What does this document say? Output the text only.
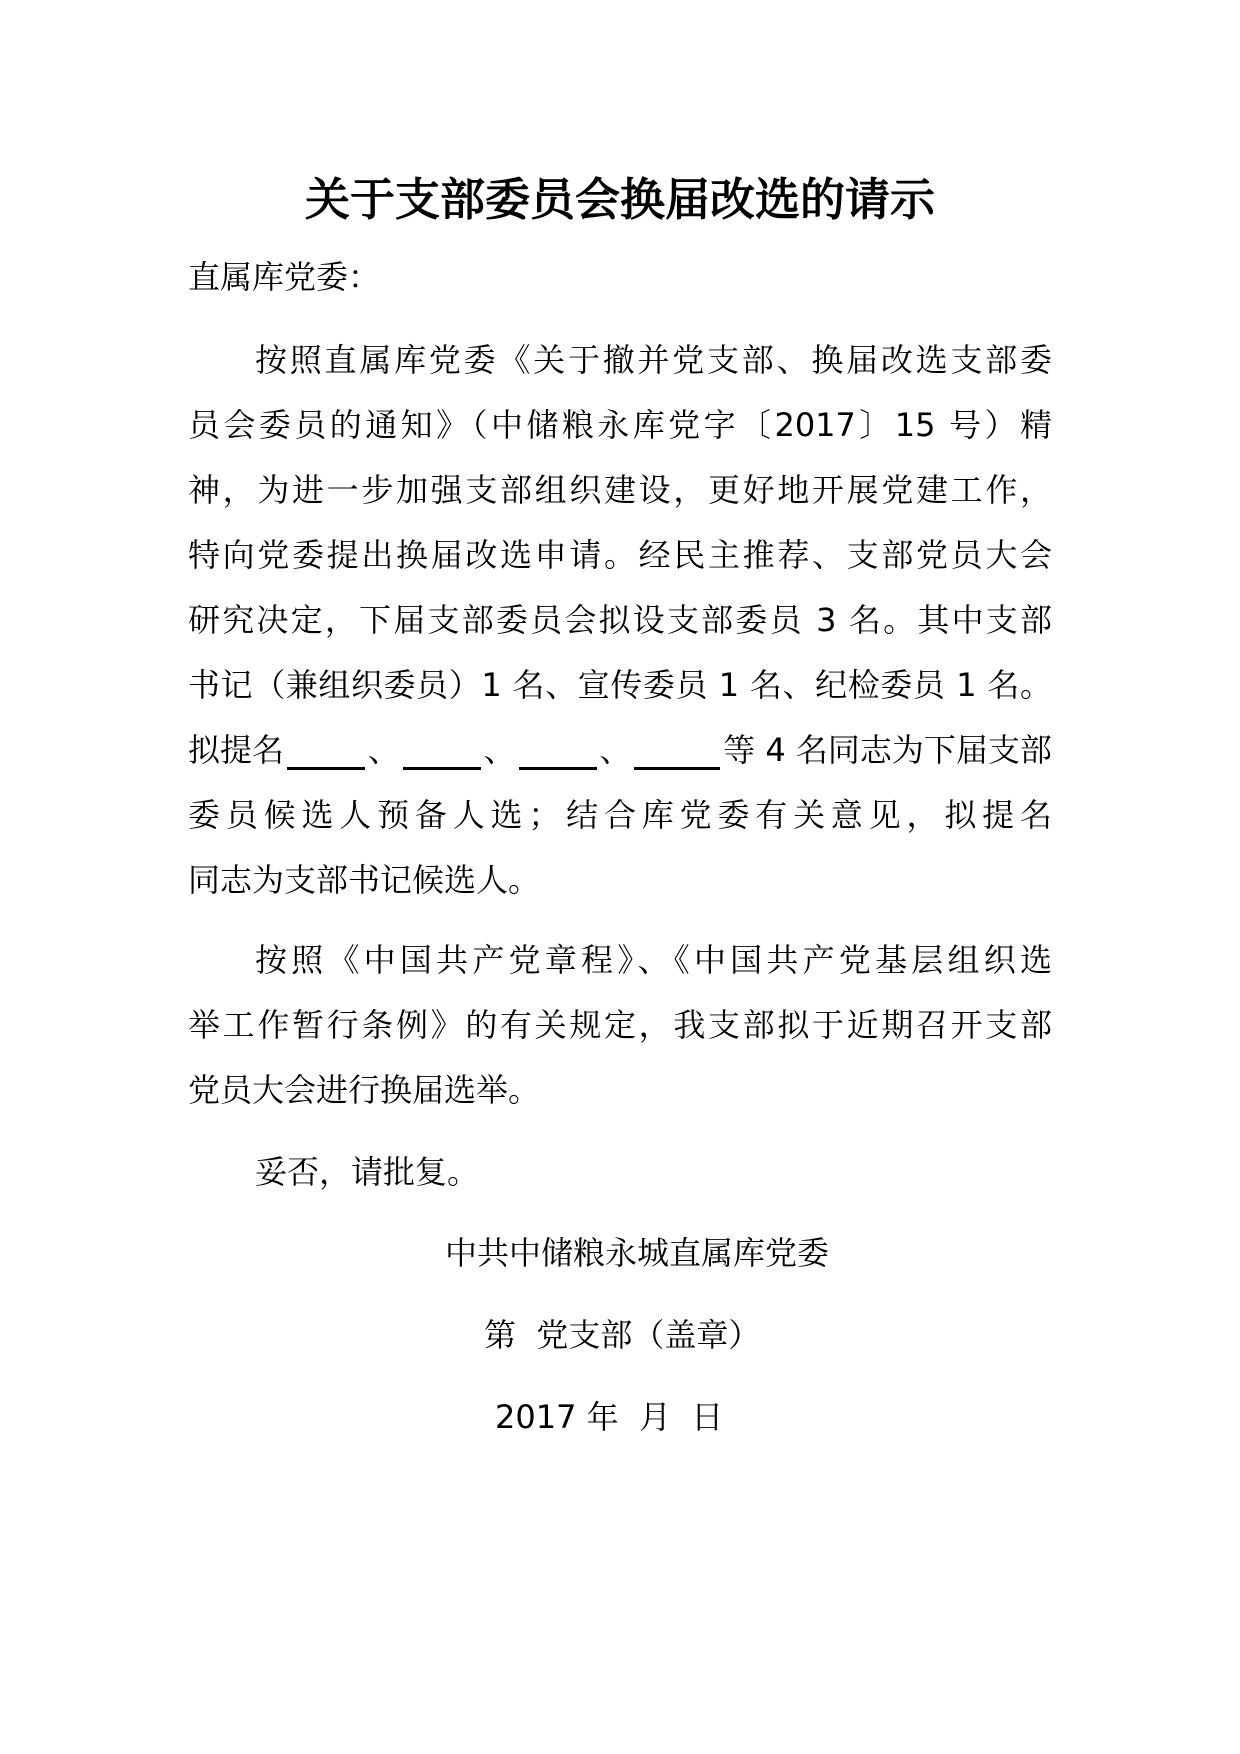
关于支部委员会换届改选的请示
直属库党委：
按照直属库党委《关于撤并党支部、换届改选支部委
员会委员的通知》（中储粮永库党字〔2017〕15 号）精
神，为进一步加强支部组织建设，更好地开展党建工作，
特向党委提出换届改选申请。经民主推荐、支部党员大会
研究决定，下届支部委员会拟设支部委员 3 名。其中支部
书记（兼组织委员）1 名、宣传委员 1 名、纪检委员 1 名。
拟提名	、	、	、	等 4 名同志为下届支部
委员候选人预备人选；结合库党委有关意见，拟提名
同志为支部书记候选人。
按照《中国共产党章程》、《中国共产党基层组织选
举工作暂行条例》的有关规定，我支部拟于近期召开支部
党员大会进行换届选举。
妥否，请批复。
中共中储粮永城直属库党委
第  党支部（盖章）
2017 年  月  日
